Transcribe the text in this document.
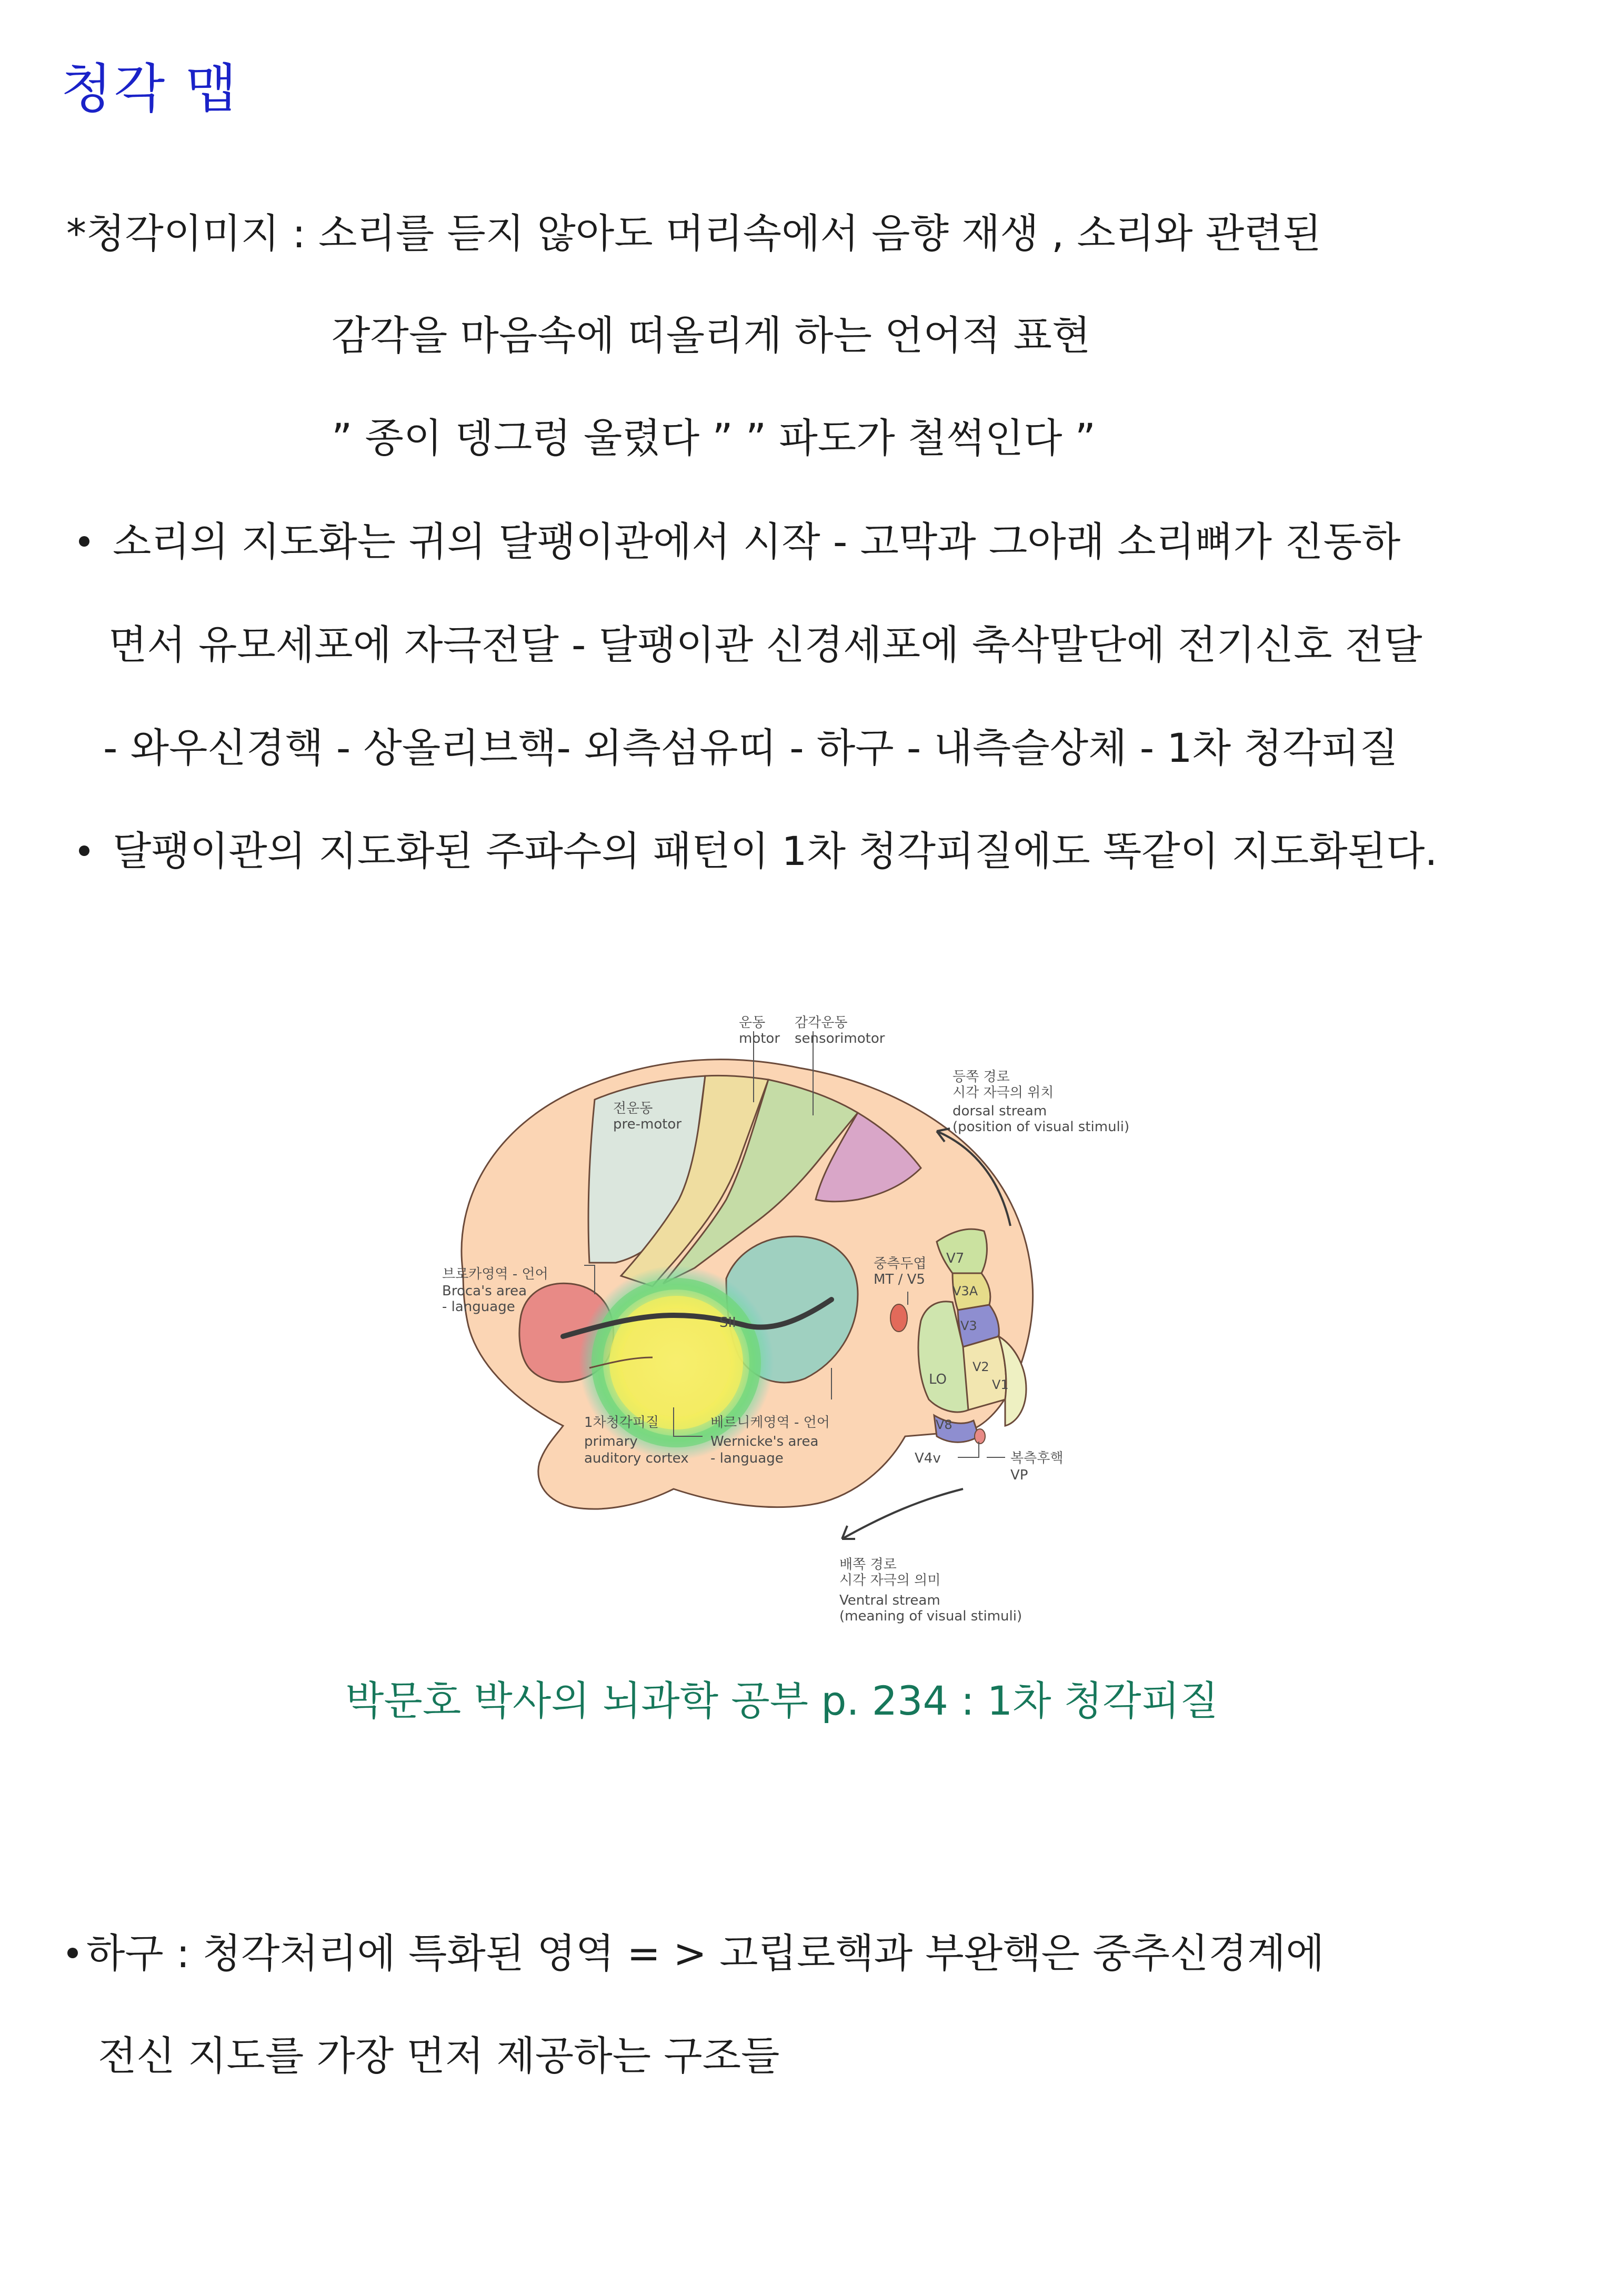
청각 맵
*청각이미지 : 소리를 듣지 않아도 머리속에서 음향 재생 , 소리와 관련된
감각을 마음속에 떠올리게 하는 언어적 표현
” 종이 뎅그렁 울렸다 ” ” 파도가 철썩인다 ”
소리의 지도화는 귀의 달팽이관에서 시작 - 고막과 그아래 소리뼈가 진동하
면서 유모세포에 자극전달 - 달팽이관 신경세포에 축삭말단에 전기신호 전달
- 와우신경핵 - 상올리브핵- 외측섬유띠 - 하구 - 내측슬상체 - 1차 청각피질
달팽이관의 지도화된 주파수의 패턴이 1차 청각피질에도 똑같이 지도화된다.
운동
motor
감각운동
sensorimotor
전운동
pre-motor
등쪽 경로
시각 자극의 위치
dorsal stream
(position of visual stimuli)
브로카영역 - 언어
Broca's area
- language
중측두엽
MT / V5
SII
V7
V3A
V3
V2
V1
LO
V8
V4v
1차청각피질
primary
auditory cortex
베르니케영역 - 언어
Wernicke's area
- language	복측후핵
VP
배쪽 경로
시각 자극의 의미
Ventral stream
(meaning of visual stimuli)
박문호 박사의 뇌과학 공부 p. 234 : 1차 청각피질
하구 : 청각처리에 특화된 영역 = > 고립로핵과 부완핵은 중추신경계에
전신 지도를 가장 먼저 제공하는 구조들
